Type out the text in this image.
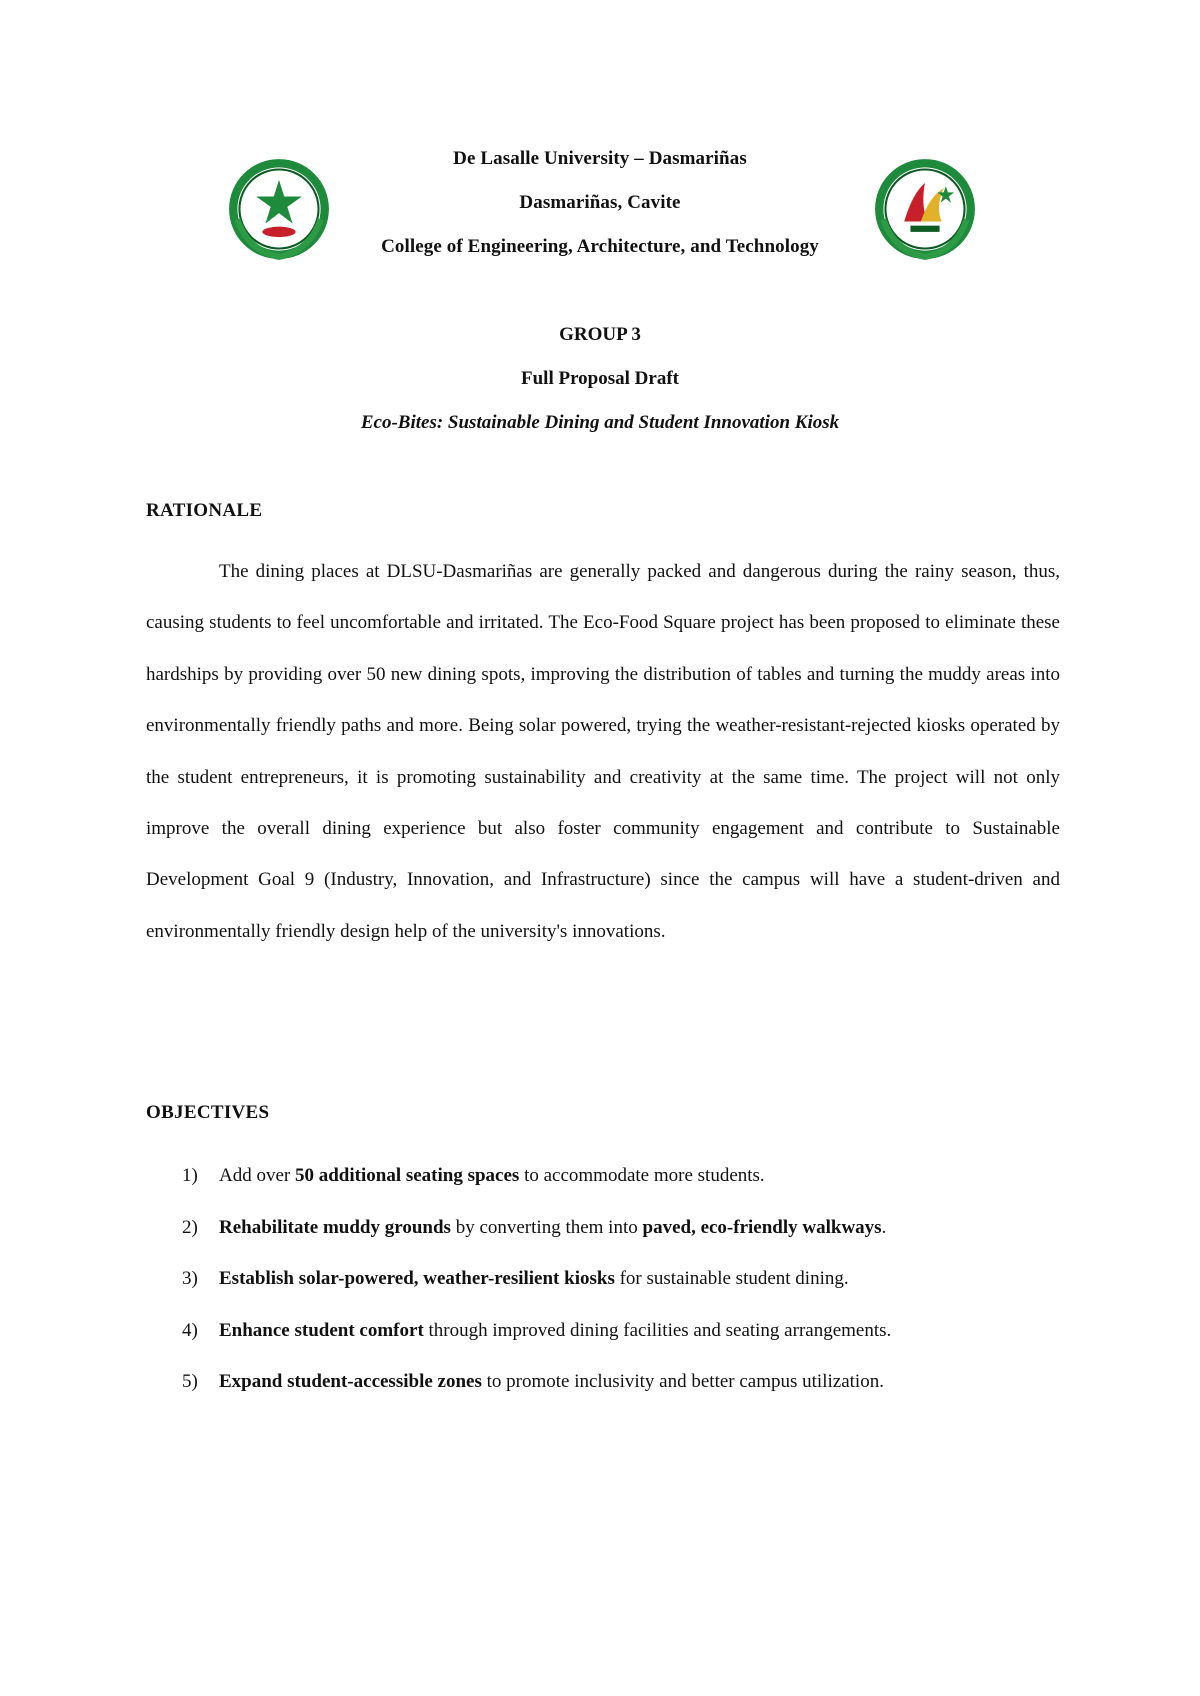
De Lasalle University – Dasmariñas
Dasmariñas, Cavite
College of Engineering, Architecture, and Technology
GROUP 3
Full Proposal Draft
Eco-Bites: Sustainable Dining and Student Innovation Kiosk
RATIONALE

The dining places at DLSU-Dasmariñas are generally packed and dangerous during the rainy season, thus, causing students to feel uncomfortable and irritated. The Eco-Food Square project has been proposed to eliminate these hardships by providing over 50 new dining spots, improving the distribution of tables and turning the muddy areas into environmentally friendly paths and more. Being solar powered, trying the weather-resistant-rejected kiosks operated by the student entrepreneurs, it is promoting sustainability and creativity at the same time. The project will not only improve the overall dining experience but also foster community engagement and contribute to Sustainable Development Goal 9 (Industry, Innovation, and Infrastructure) since the campus will have a student-driven and environmentally friendly design help of the university's innovations.

OBJECTIVES
1) Add over 50 additional seating spaces to accommodate more students.
2) Rehabilitate muddy grounds by converting them into paved, eco-friendly walkways.
3) Establish solar-powered, weather-resilient kiosks for sustainable student dining.
4) Enhance student comfort through improved dining facilities and seating arrangements.
5) Expand student-accessible zones to promote inclusivity and better campus utilization.
